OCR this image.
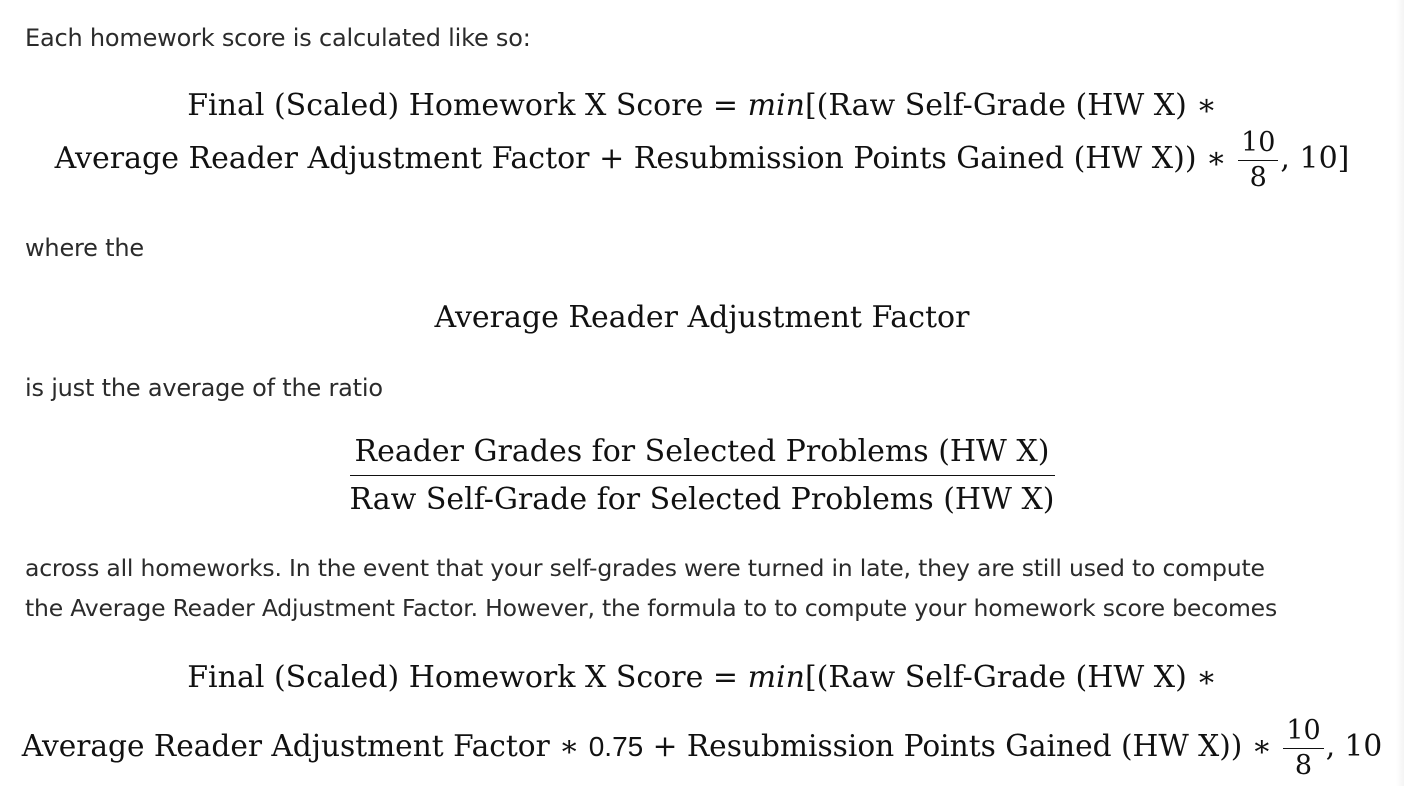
Each homework score is calculated like so:
Final (Scaled) Homework X Score = min[(Raw Self-Grade (HW X) ∗
Average Reader Adjustment Factor + Resubmission Points Gained (HW X)) ∗ $\frac{10}{8}$ , 10]
where the
Average Reader Adjustment Factor
is just the average of the ratio
$\frac{\text{Reader Grades for Selected Problems (HW X)}}{\text{Raw Self-Grade for Selected Problems (HW X)}}$
across all homeworks. In the event that your self-grades were turned in late, they are still used to compute
the Average Reader Adjustment Factor. However, the formula to to compute your homework score becomes
Final (Scaled) Homework X Score = min[(Raw Self-Grade (HW X) ∗
Average Reader Adjustment Factor ∗ 0.75 + Resubmission Points Gained (HW X)) ∗ $\frac{10}{8}$ , 10
